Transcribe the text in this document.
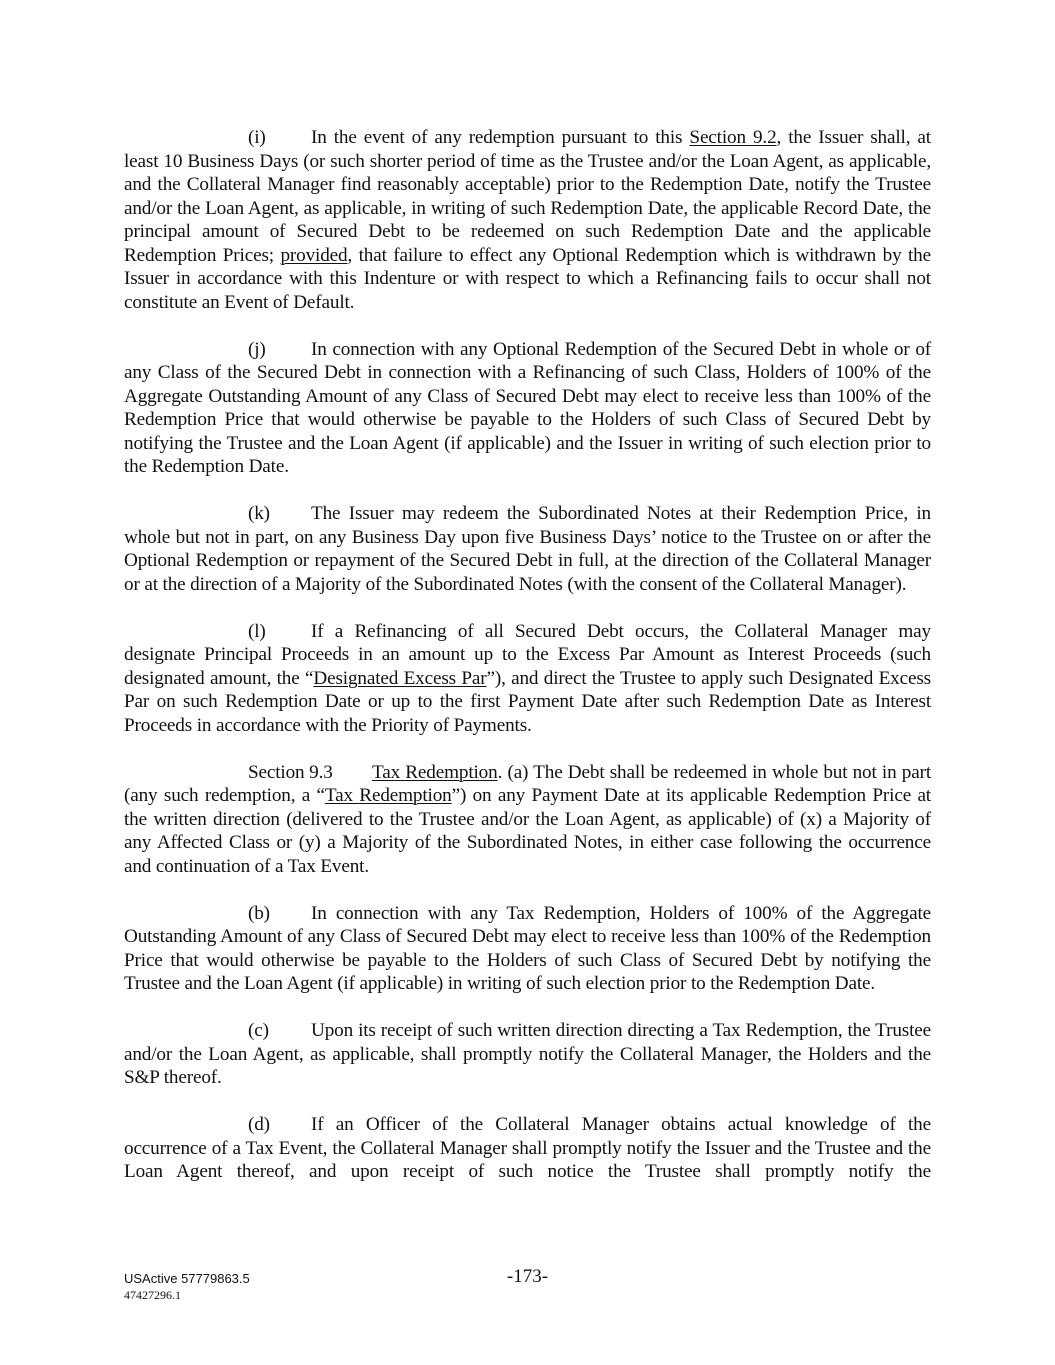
(i) In the event of any redemption pursuant to this Section 9.2, the Issuer shall, at least 10 Business Days (or such shorter period of time as the Trustee and/or the Loan Agent, as applicable, and the Collateral Manager find reasonably acceptable) prior to the Redemption Date, notify the Trustee and/or the Loan Agent, as applicable, in writing of such Redemption Date, the applicable Record Date, the principal amount of Secured Debt to be redeemed on such Redemption Date and the applicable Redemption Prices; provided, that failure to effect any Optional Redemption which is withdrawn by the Issuer in accordance with this Indenture or with respect to which a Refinancing fails to occur shall not constitute an Event of Default.

(j) In connection with any Optional Redemption of the Secured Debt in whole or of any Class of the Secured Debt in connection with a Refinancing of such Class, Holders of 100% of the Aggregate Outstanding Amount of any Class of Secured Debt may elect to receive less than 100% of the Redemption Price that would otherwise be payable to the Holders of such Class of Secured Debt by notifying the Trustee and the Loan Agent (if applicable) and the Issuer in writing of such election prior to the Redemption Date.

(k) The Issuer may redeem the Subordinated Notes at their Redemption Price, in whole but not in part, on any Business Day upon five Business Days’ notice to the Trustee on or after the Optional Redemption or repayment of the Secured Debt in full, at the direction of the Collateral Manager or at the direction of a Majority of the Subordinated Notes (with the consent of the Collateral Manager).

(l) If a Refinancing of all Secured Debt occurs, the Collateral Manager may designate Principal Proceeds in an amount up to the Excess Par Amount as Interest Proceeds (such designated amount, the “Designated Excess Par”), and direct the Trustee to apply such Designated Excess Par on such Redemption Date or up to the first Payment Date after such Redemption Date as Interest Proceeds in accordance with the Priority of Payments.

Section 9.3 Tax Redemption. (a) The Debt shall be redeemed in whole but not in part (any such redemption, a “Tax Redemption”) on any Payment Date at its applicable Redemption Price at the written direction (delivered to the Trustee and/or the Loan Agent, as applicable) of (x) a Majority of any Affected Class or (y) a Majority of the Subordinated Notes, in either case following the occurrence and continuation of a Tax Event.

(b) In connection with any Tax Redemption, Holders of 100% of the Aggregate Outstanding Amount of any Class of Secured Debt may elect to receive less than 100% of the Redemption Price that would otherwise be payable to the Holders of such Class of Secured Debt by notifying the Trustee and the Loan Agent (if applicable) in writing of such election prior to the Redemption Date.

(c) Upon its receipt of such written direction directing a Tax Redemption, the Trustee and/or the Loan Agent, as applicable, shall promptly notify the Collateral Manager, the Holders and the S&P thereof.

(d) If an Officer of the Collateral Manager obtains actual knowledge of the occurrence of a Tax Event, the Collateral Manager shall promptly notify the Issuer and the Trustee and the Loan Agent thereof, and upon receipt of such notice the Trustee shall promptly notify the

USActive 57779863.5
47427296.1
-173-
